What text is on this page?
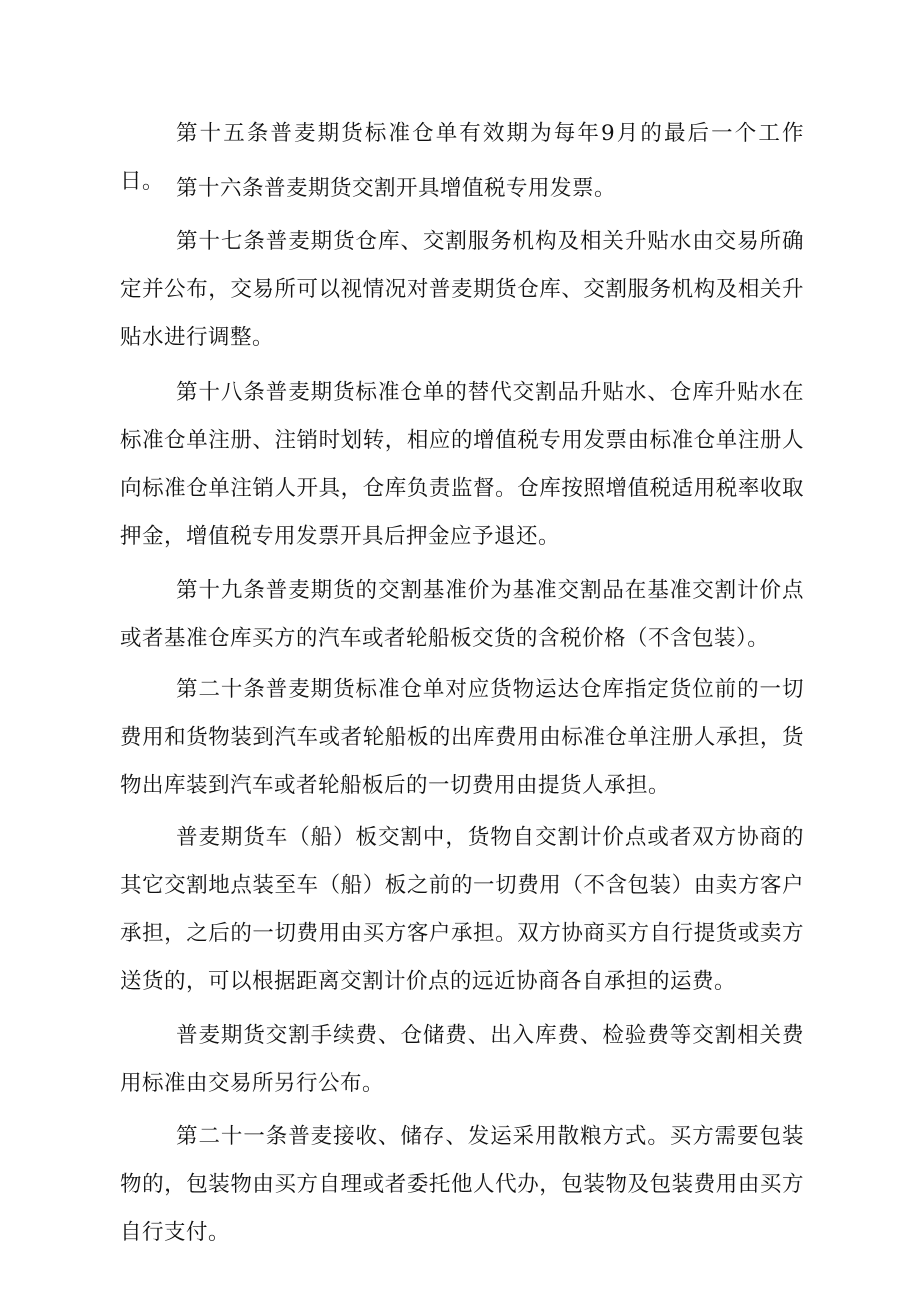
第十五条普麦期货标准仓单有效期为每年9月的最后一个工作日。 第十六条普麦期货交割开具增值税专用发票。

第十七条普麦期货仓库、交割服务机构及相关升贴水由交易所确定并公布，交易所可以视情况对普麦期货仓库、交割服务机构及相关升贴水进行调整。

第十八条普麦期货标准仓单的替代交割品升贴水、仓库升贴水在标准仓单注册、注销时划转，相应的增值税专用发票由标准仓单注册人向标准仓单注销人开具，仓库负责监督。仓库按照增值税适用税率收取押金，增值税专用发票开具后押金应予退还。

第十九条普麦期货的交割基准价为基准交割品在基准交割计价点或者基准仓库买方的汽车或者轮船板交货的含税价格（不含包装）。

第二十条普麦期货标准仓单对应货物运达仓库指定货位前的一切费用和货物装到汽车或者轮船板的出库费用由标准仓单注册人承担，货物出库装到汽车或者轮船板后的一切费用由提货人承担。

普麦期货车（船）板交割中，货物自交割计价点或者双方协商的其它交割地点装至车（船）板之前的一切费用（不含包装）由卖方客户承担，之后的一切费用由买方客户承担。双方协商买方自行提货或卖方送货的，可以根据距离交割计价点的远近协商各自承担的运费。

普麦期货交割手续费、仓储费、出入库费、检验费等交割相关费用标准由交易所另行公布。

第二十一条普麦接收、储存、发运采用散粮方式。买方需要包装物的，包装物由买方自理或者委托他人代办，包装物及包装费用由买方自行支付。
